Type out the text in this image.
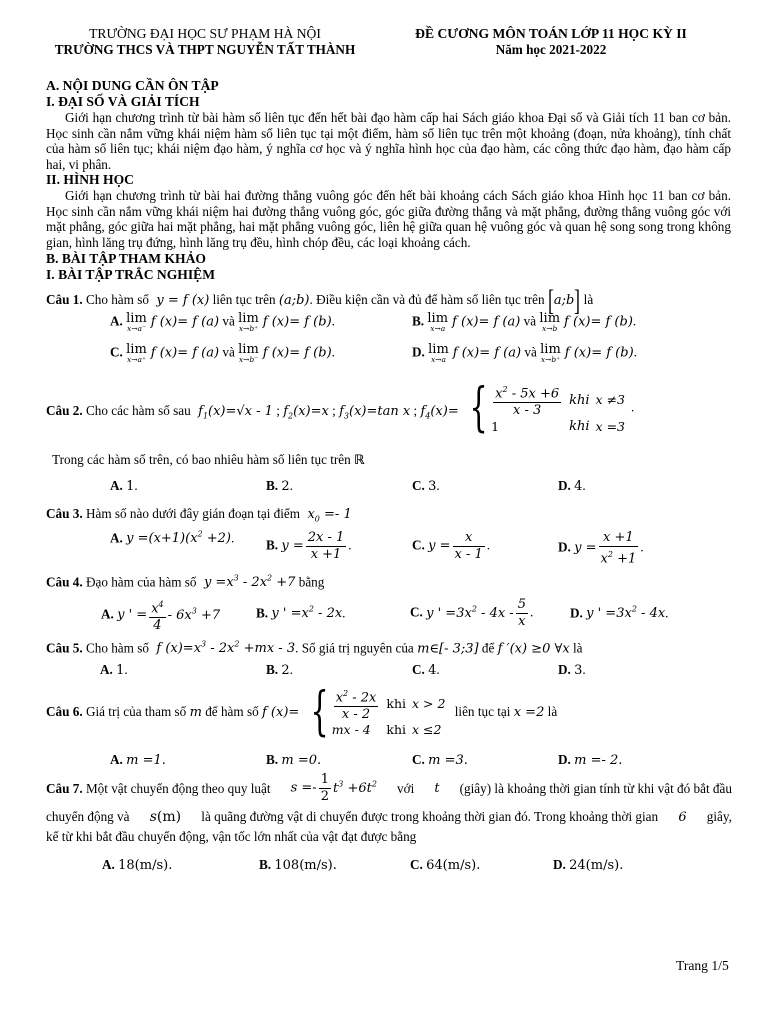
TRƯỜNG ĐẠI HỌC SƯ PHẠM HÀ NỘI
TRƯỜNG THCS VÀ THPT NGUYỄN TẤT THÀNH
ĐỀ CƯƠNG MÔN TOÁN LỚP 11 HỌC KỲ II
Năm học 2021-2022
A. NỘI DUNG CẦN ÔN TẬP
I. ĐẠI SỐ VÀ GIẢI TÍCH
Giới hạn chương trình từ bài hàm số liên tục đến hết bài đạo hàm cấp hai Sách giáo khoa Đại số và Giải tích 11 ban cơ bản. Học sinh cần nắm vững khái niệm hàm số liên tục tại một điểm, hàm số liên tục trên một khoảng (đoạn, nửa khoảng), tính chất của hàm số liên tục; khái niệm đạo hàm, ý nghĩa cơ học và ý nghĩa hình học của đạo hàm, các công thức đạo hàm, đạo hàm cấp hai, vi phân.
II. HÌNH HỌC
Giới hạn chương trình từ bài hai đường thẳng vuông góc đến hết bài khoảng cách Sách giáo khoa Hình học 11 ban cơ bản. Học sinh cần nắm vững khái niệm hai đường thẳng vuông góc, góc giữa đường thẳng và mặt phẳng, đường thẳng vuông góc với mặt phẳng, góc giữa hai mặt phẳng, hai mặt phẳng vuông góc, liên hệ giữa quan hệ vuông góc và quan hệ song song trong không gian, hình lăng trụ đứng, hình lăng trụ đều, hình chóp đều, các loại khoảng cách.
B. BÀI TẬP THAM KHẢO
I. BÀI TẬP TRẮC NGHIỆM
Câu 1. Cho hàm số  y = f (x) liên tục trên (a;b). Điều kiện cần và đủ để hàm số liên tục trên [a;b] là
A. lim
x→a⁻ f (x)= f (a) và lim
x→b⁺ f (x)= f (b).	B. lim
x→a f (x)= f (a) và lim
x→b f (x)= f (b).
C. lim
x→a⁺ f (x)= f (a) và lim
x→b⁻ f (x)= f (b).	D. lim
x→a f (x)= f (a) và lim
x→b⁺ f (x)= f (b).
Câu 2. Cho các hàm số sau  $f_1(x)=√x - 1$ ; $f_2(x)=x$ ; $f_3(x)=\tan$ x ; $f_4(x)=$ { $\frac{x^2 - 5x +6}{x - 3}$	khi	x ≠3
1	khi	x =3
.
Trong các hàm số trên, có bao nhiêu hàm số liên tục trên ℝ
A. 1.	B. 2.	C. 3.	D. 4.
Câu 3. Hàm số nào dưới đây gián đoạn tại điểm  $x_0 =- 1$
A. $y =(x+1)(x^2 +2)$. B. $y = \frac{2x - 1}{x +1}$ .	C. $y = \frac{x}{x - 1}$ .	D. $y = \frac{x +1}{x^2 +1}$ .
Câu 4. Đạo hàm của hàm số  $y =x^3 - 2x^2 +7$ bằng
A. y ' = $\frac{x^4}{4} - 6x^3 +7$	B. y ' $=x^2 - 2x$.	C. y ' $=3x^2 - 4x - \frac{5}{x}$ .	D. y ' $=3x^2 - 4x$.
Câu 5. Cho hàm số  f $(x)=x^3 - 2x^2 +mx - 3$. Số giá trị nguyên của m∈[- 3;3] để f ′(x) ≥0 ∀x là
A. 1.	B. 2.	C. 4.	D. 3.
Câu 6. Giá trị của tham số m để hàm số f (x)= { $\frac{x^2 - 2x}{x - 2}$	khi	x > 2
mx - 4	khi	x ≤2
liên tục tại x =2 là
A. m =1.	B. m =0.	C. m =3.	D. m =- 2.
Câu 7. Một vật chuyển động theo quy luật $s =- \frac{1}{2} t^3 +6t^2$ với t (giây) là khoảng thời gian tính từ khi vật đó bắt đầu
chuyển động và s(m) là quãng đường vật di chuyển được trong khoảng thời gian đó. Trong khoảng thời gian 6 giây,
kể từ khi bắt đầu chuyển động, vận tốc lớn nhất của vật đạt được bằng
A. 18(m/s).	B. 108(m/s).	C. 64(m/s).	D. 24(m/s).
Trang 1/5
